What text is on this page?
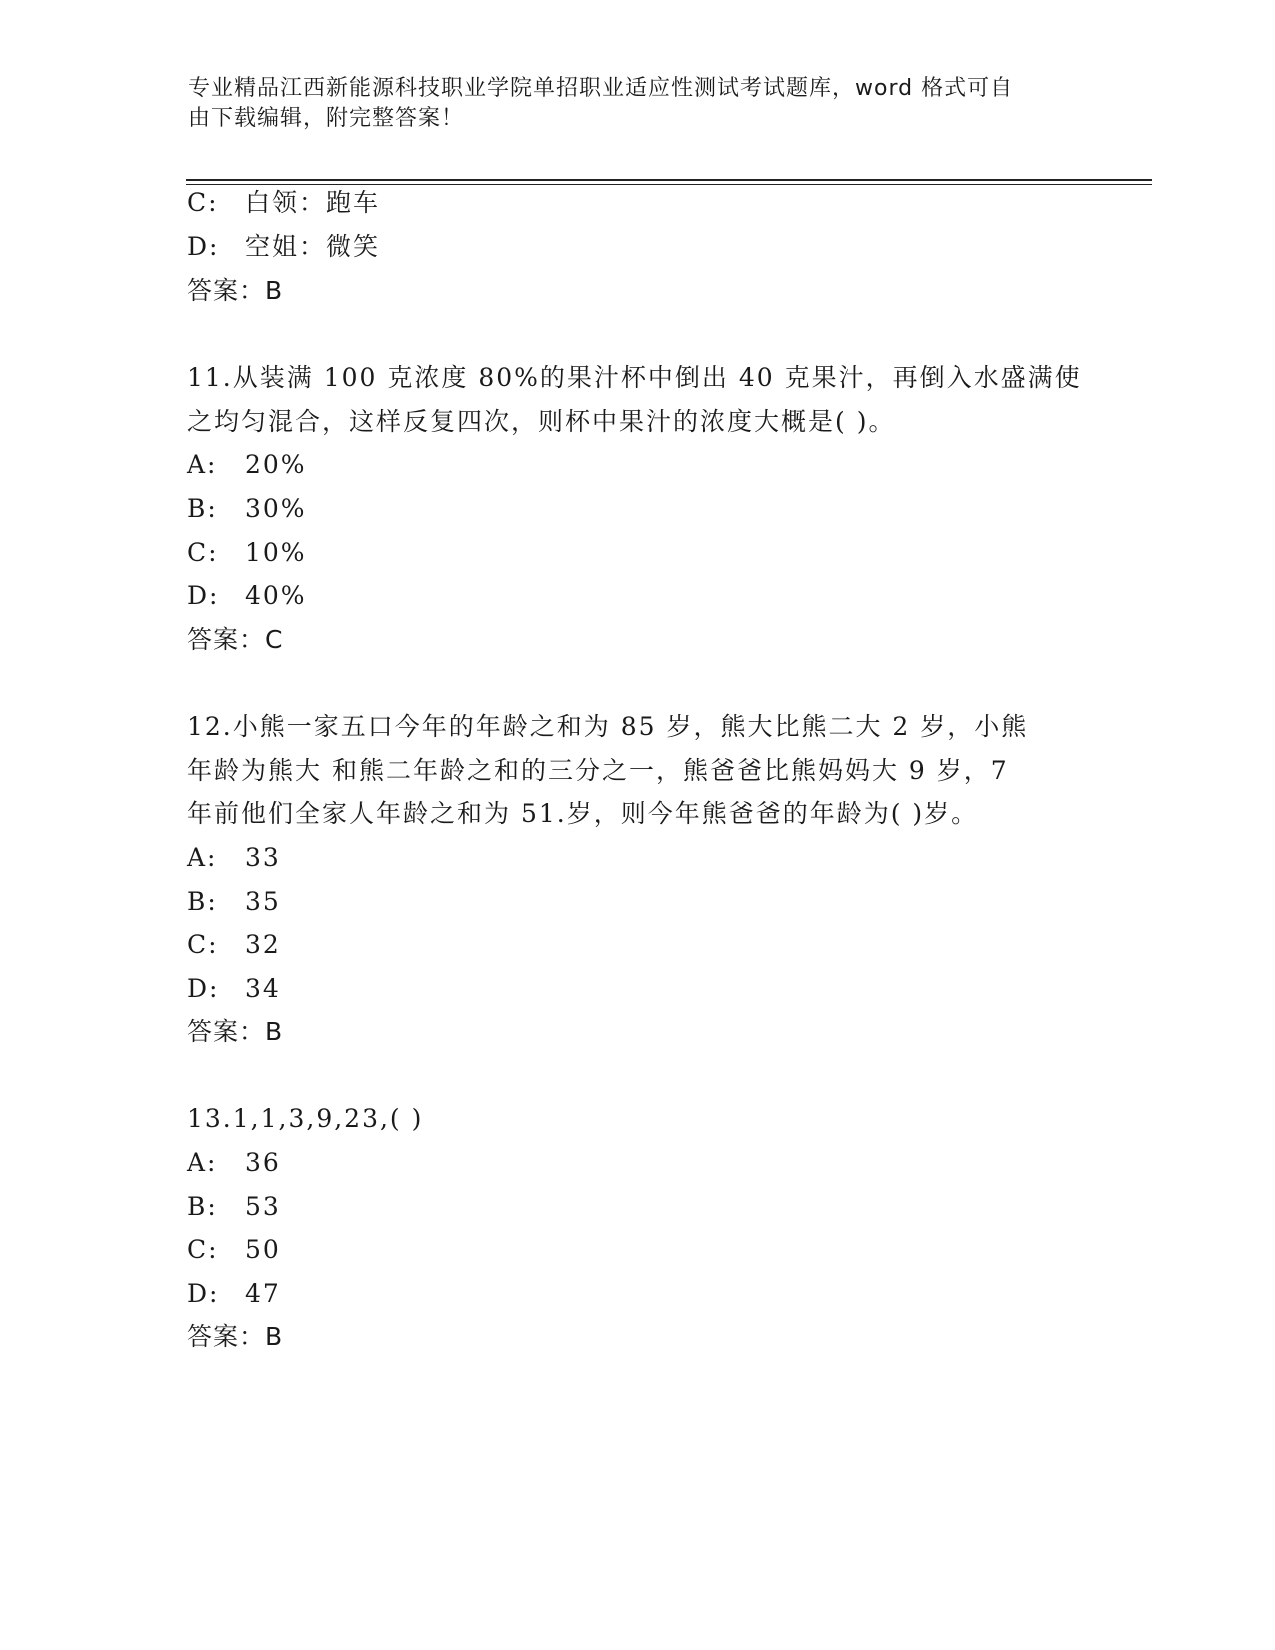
专业精品江西新能源科技职业学院单招职业适应性测试考试题库，word 格式可自
由下载编辑，附完整答案！
C: 白领：跑车
D: 空姐：微笑
答案：B
11.从装满 100 克浓度 80%的果汁杯中倒出 40 克果汁，再倒入水盛满使
之均匀混合，这样反复四次，则杯中果汁的浓度大概是( )。
A: 20%
B: 30%
C: 10%
D: 40%
答案：C
12.小熊一家五口今年的年龄之和为 85 岁，熊大比熊二大 2 岁，小熊
年龄为熊大 和熊二年龄之和的三分之一，熊爸爸比熊妈妈大 9 岁，7
年前他们全家人年龄之和为 51.岁，则今年熊爸爸的年龄为( )岁。
A: 33
B: 35
C: 32
D: 34
答案：B
13.1,1,3,9,23,( )
A: 36
B: 53
C: 50
D: 47
答案：B
